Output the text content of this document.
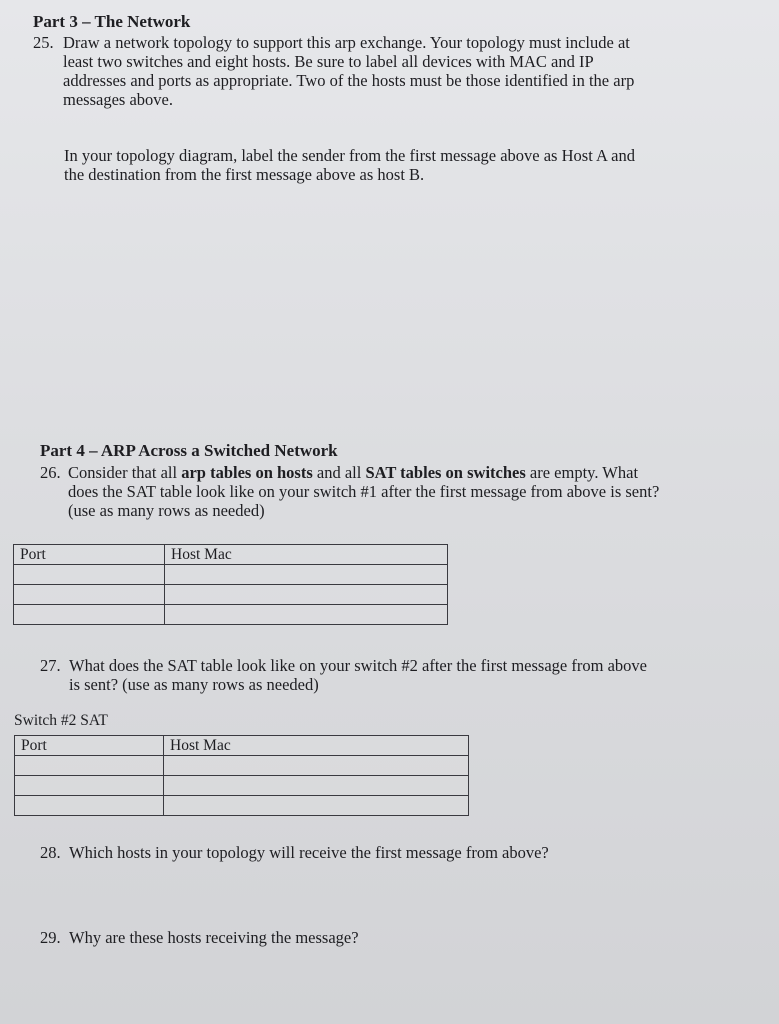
Part 3 – The Network
25. Draw a network topology to support this arp exchange. Your topology must include at
least two switches and eight hosts. Be sure to label all devices with MAC and IP
addresses and ports as appropriate. Two of the hosts must be those identified in the arp
messages above.
In your topology diagram, label the sender from the first message above as Host A and
the destination from the first message above as host B.
Part 4 – ARP Across a Switched Network
26. Consider that all arp tables on hosts and all SAT tables on switches are empty. What
does the SAT table look like on your switch #1 after the first message from above is sent?
(use as many rows as needed)
Port	Host Mac

27. What does the SAT table look like on your switch #2 after the first message from above
is sent? (use as many rows as needed)
Switch #2 SAT
Port	Host Mac

28. Which hosts in your topology will receive the first message from above?
29. Why are these hosts receiving the message?
